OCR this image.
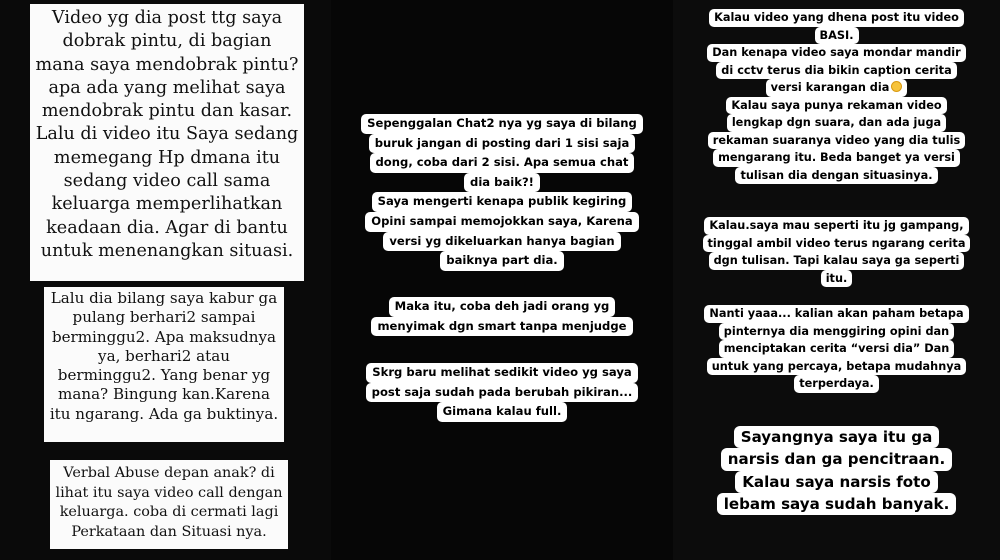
Video yg dia post ttg saya
dobrak pintu, di bagian
mana saya mendobrak pintu?
apa ada yang melihat saya
mendobrak pintu dan kasar.
Lalu di video itu Saya sedang
memegang Hp dmana itu
sedang video call sama
keluarga memperlihatkan
keadaan dia. Agar di bantu
untuk menenangkan situasi.
Lalu dia bilang saya kabur ga
pulang berhari2 sampai
berminggu2. Apa maksudnya
ya, berhari2 atau
berminggu2. Yang benar yg
mana? Bingung kan.Karena
itu ngarang. Ada ga buktinya.
Verbal Abuse depan anak? di
lihat itu saya video call dengan
keluarga. coba di cermati lagi
Perkataan dan Situasi nya.
Sepenggalan Chat2 nya yg saya di bilang
buruk jangan di posting dari 1 sisi saja
dong, coba dari 2 sisi. Apa semua chat
dia baik?!
Saya mengerti kenapa publik kegiring
Opini sampai memojokkan saya, Karena
versi yg dikeluarkan hanya bagian
baiknya part dia.
Maka itu, coba deh jadi orang yg
menyimak dgn smart tanpa menjudge
Skrg baru melihat sedikit video yg saya
post saja sudah pada berubah pikiran...
Gimana kalau full.
Kalau video yang dhena post itu video
BASI.
Dan kenapa video saya mondar mandir
di cctv terus dia bikin caption cerita
versi karangan dia
Kalau saya punya rekaman video
lengkap dgn suara, dan ada juga
rekaman suaranya video yang dia tulis
mengarang itu. Beda banget ya versi
tulisan dia dengan situasinya.
Kalau.saya mau seperti itu jg gampang,
tinggal ambil video terus ngarang cerita
dgn tulisan. Tapi kalau saya ga seperti
itu.
Nanti yaaa... kalian akan paham betapa
pinternya dia menggiring opini dan
menciptakan cerita “versi dia” Dan
untuk yang percaya, betapa mudahnya
terperdaya.
Sayangnya saya itu ga
narsis dan ga pencitraan.
Kalau saya narsis foto
lebam saya sudah banyak.
